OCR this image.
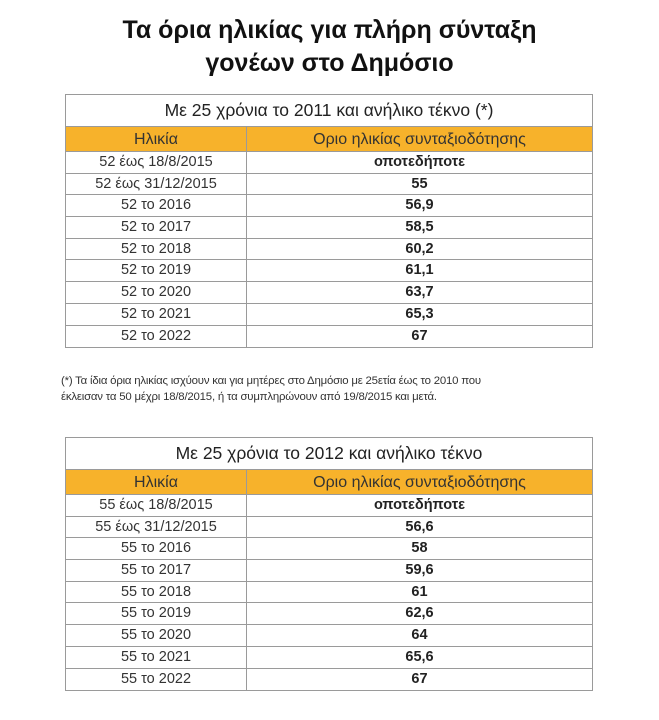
Τα όρια ηλικίας για πλήρη σύνταξη
γονέων στο Δημόσιο
Με 25 χρόνια το 2011 και ανήλικο τέκνο (*)
Ηλικία	Οριο ηλικίας συνταξιοδότησης
52 έως 18/8/2015	οποτεδήποτε
52 έως 31/12/2015	55
52 το 2016	56,9
52 το 2017	58,5
52 το 2018	60,2
52 το 2019	61,1
52 το 2020	63,7
52 το 2021	65,3
52 το 2022	67
(*) Τα ίδια όρια ηλικίας ισχύουν και για μητέρες στο Δημόσιο με 25ετία έως το 2010 που
έκλεισαν τα 50 μέχρι 18/8/2015, ή τα συμπληρώνουν από 19/8/2015 και μετά.
Με 25 χρόνια το 2012 και ανήλικο τέκνο
Ηλικία	Οριο ηλικίας συνταξιοδότησης
55 έως 18/8/2015	οποτεδήποτε
55 έως 31/12/2015	56,6
55 το 2016	58
55 το 2017	59,6
55 το 2018	61
55 το 2019	62,6
55 το 2020	64
55 το 2021	65,6
55 το 2022	67
